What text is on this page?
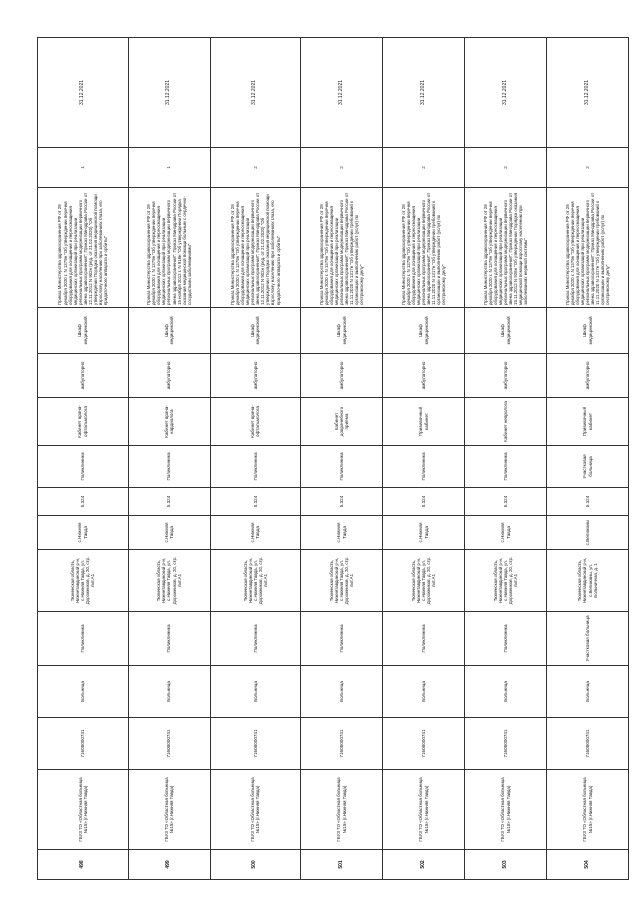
498	ГБУЗ ТО «Областная больница №15» (г.Нижняя Тавда)	71608000741	Больница	Поликлиника	Тюменская область, Нижнетавдинский р-н, с.Нижняя Тавда, ул. Дорожников, д. 20, стр. лит.А1	с.Нижняя Тавда	5.324	Поликлиника	Кабинет врача-офтальмолога	амбулаторно	Шкаф медицинский	Приказ Министерства здравоохранения РФ от 28 декабря 2020 г. N 1379н "Об утверждении перечня оборудования для оснащения и переоснащения медицинских организаций при реализации региональных программ модернизации первичного звена здравоохранения"; Приказ Минздрава России от 12.11.2012 N 902н (ред. от 21.02.2020) "Об утверждении Порядка оказания медицинской помощи взрослому населению при заболеваниях глаза, его придаточного аппарата и орбиты"	1	31.12.2021
499	ГБУЗ ТО «Областная больница №15» (г.Нижняя Тавда)	71608000741	Больница	Поликлиника	Тюменская область, Нижнетавдинский р-н, с.Нижняя Тавда, ул. Дорожников, д. 20, стр. лит.А1	с.Нижняя Тавда	5.324	Поликлиника	Кабинет врача-кардиолога	амбулаторно	Шкаф медицинский	Приказ Министерства здравоохранения РФ от 28 декабря 2020 г. N 1379н "Об утверждении перечня оборудования для оснащения и переоснащения медицинских организаций при реализации региональных программ модернизации первичного звена здравоохранения"; Приказ Минздрава России от 15 ноября 2012 г. N 918н "Об утверждении Порядка оказания медицинской помощи больным с сердечно-сосудистыми заболеваниями"	1	31.12.2021
500	ГБУЗ ТО «Областная больница №15» (г.Нижняя Тавда)	71608000741	Больница	Поликлиника	Тюменская область, Нижнетавдинский р-н, с.Нижняя Тавда, ул. Дорожников, д. 20, стр. лит.А1	с.Нижняя Тавда	5.324	Поликлиника	Кабинет врача-офтальмолога	амбулаторно	Шкаф медицинский	Приказ Министерства здравоохранения РФ от 28 декабря 2020 г. N 1379н "Об утверждении перечня оборудования для оснащения и переоснащения медицинских организаций при реализации региональных программ модернизации первичного звена здравоохранения"; Приказ Минздрава России от 12.11.2012 N 902н (ред. от 21.02.2020) "Об утверждении Порядка оказания медицинской помощи взрослому населению при заболеваниях глаза, его придаточного аппарата и орбиты"	2	31.12.2021
501	ГБУЗ ТО «Областная больница №15» (г.Нижняя Тавда)	71608000741	Больница	Поликлиника	Тюменская область, Нижнетавдинский р-н, с.Нижняя Тавда, ул. Дорожников, д. 20, стр. лит.А1	с.Нижняя Тавда	5.324	Поликлиника	Кабинет доврачебного приема	амбулаторно	Шкаф медицинский	Приказ Министерства здравоохранения РФ от 28 декабря 2020 г. N 1379н "Об утверждении перечня оборудования для оснащения и переоснащения медицинских организаций при реализации региональных программ модернизации первичного звена здравоохранения"; Приказ Минздрава России от 11.11.2020 N 1317н "Об утверждении требований к организации и выполнению работ (услуг) по сестринскому делу"	2	31.12.2021
502	ГБУЗ ТО «Областная больница №15» (г.Нижняя Тавда)	71608000741	Больница	Поликлиника	Тюменская область, Нижнетавдинский р-н, с.Нижняя Тавда, ул. Дорожников, д. 20, стр. лит.А1	с.Нижняя Тавда	5.324	Поликлиника	Прививочный кабинет	амбулаторно	Шкаф медицинский	Приказ Министерства здравоохранения РФ от 28 декабря 2020 г. N 1379н "Об утверждении перечня оборудования для оснащения и переоснащения медицинских организаций при реализации региональных программ модернизации первичного звена здравоохранения"; Приказ Минздрава России от 11.11.2020 N 1317н "Об утверждении требований к организации и выполнению работ (услуг) по сестринскому делу"	2	31.12.2021
503	ГБУЗ ТО «Областная больница №15» (г.Нижняя Тавда)	71608000741	Больница	Поликлиника	Тюменская область, Нижнетавдинский р-н, с.Нижняя Тавда, ул. Дорожников, д. 20, стр. лит.А1	с.Нижняя Тавда	5.324	Поликлиника	Кабинет невролога	амбулаторно	Шкаф медицинский	Приказ Министерства здравоохранения РФ от 28 декабря 2020 г. N 1379н "Об утверждении перечня оборудования для оснащения и переоснащения медицинских организаций при реализации региональных программ модернизации первичного звена здравоохранения"; Приказ Минздрава России от 15.11.2012 N 926н "Об утверждении Порядка оказания медицинской помощи взрослому населению при заболеваниях нервной системы"	2	31.12.2021
504	ГБУЗ ТО «Областная больница №15» (г.Нижняя Тавда)	71608000741	Больница	Участковая больница	Тюменская область, Нижнетавдинский р-н, с.Велижаны, ул. Больничная, д. 1	с.Велижаны	5.324	Участковая больница	Прививочный кабинет	амбулаторно	Шкаф медицинский	Приказ Министерства здравоохранения РФ от 28 декабря 2020 г. N 1379н "Об утверждении перечня оборудования для оснащения и переоснащения медицинских организаций при реализации региональных программ модернизации первичного звена здравоохранения"; Приказ Минздрава России от 11.11.2020 N 1317н "Об утверждении требований к организации и выполнению работ (услуг) по сестринскому делу"	2	31.12.2021
